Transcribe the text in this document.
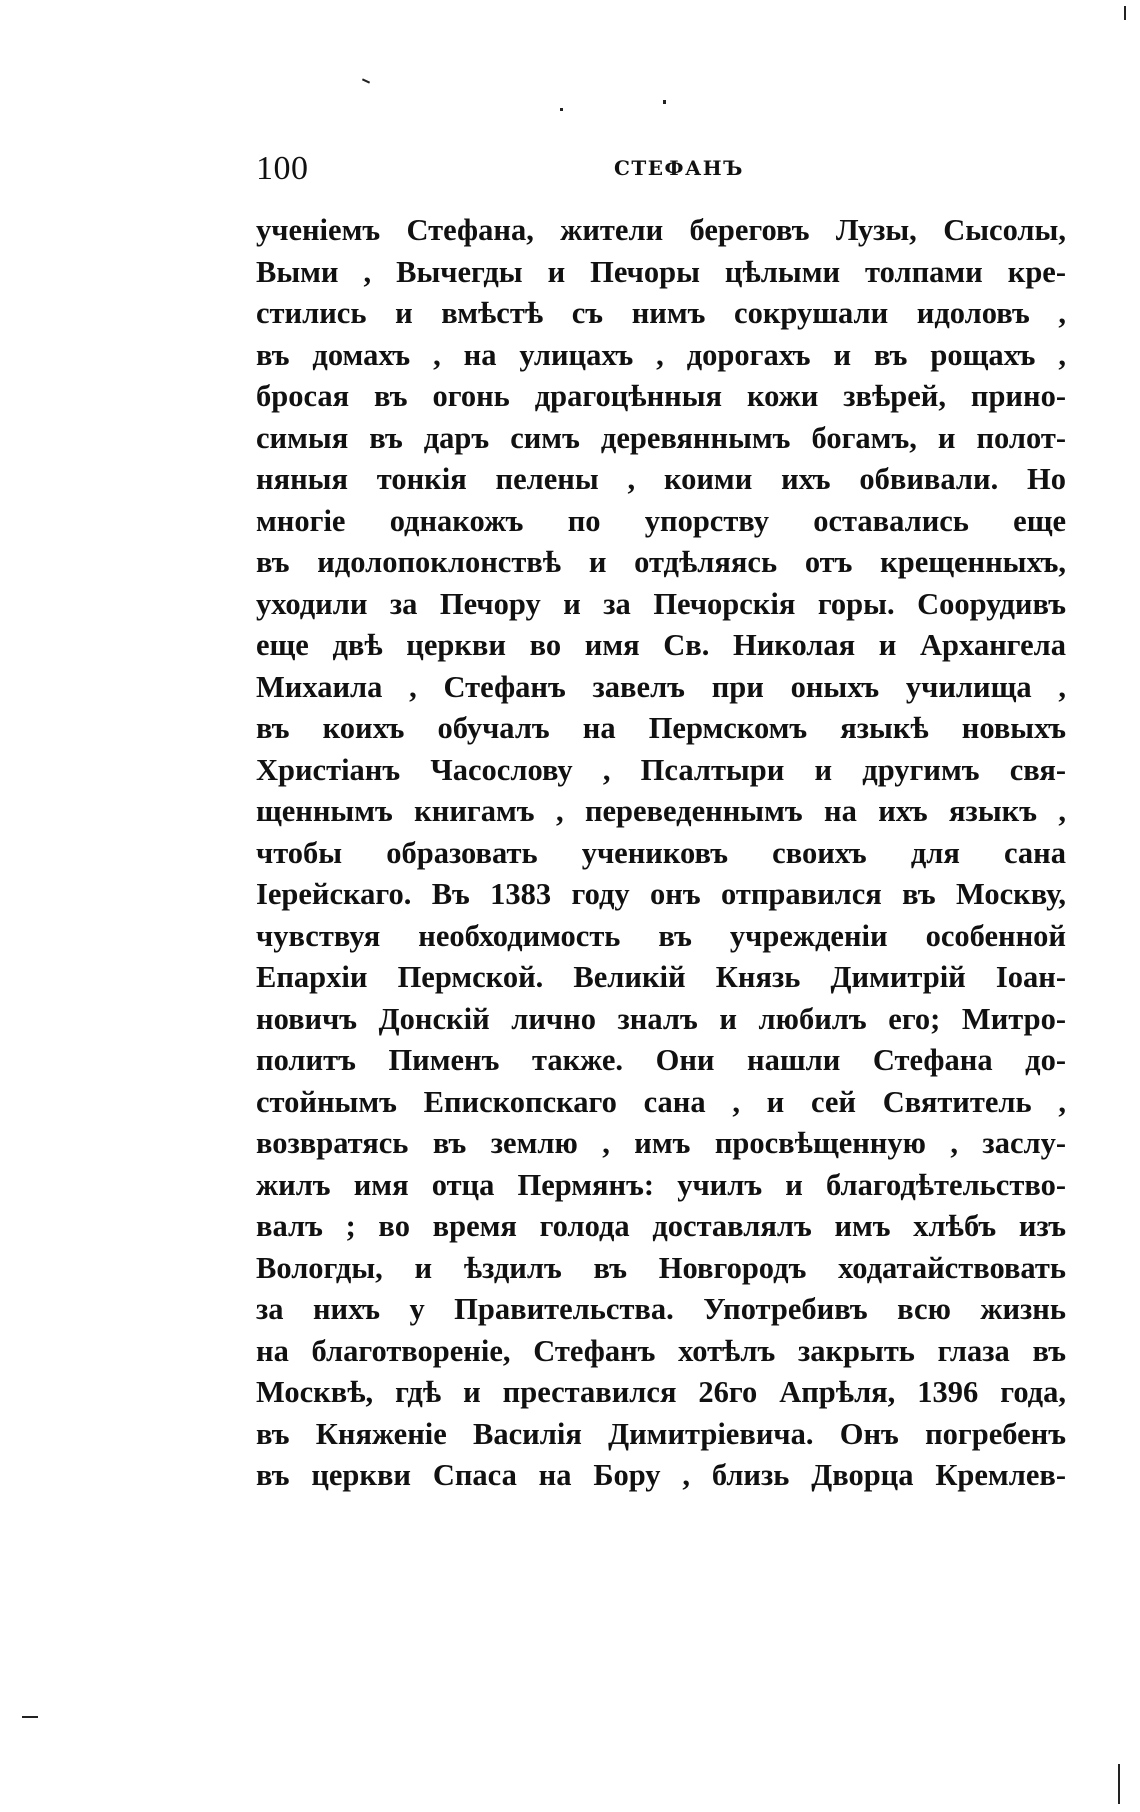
100	СТЕФАНЪ
ученіемъ Стефана, жители береговъ Лузы, Сысолы,
Выми , Вычегды и Печоры цѣлыми толпами кре-
стились и вмѣстѣ съ нимъ сокрушали идоловъ ,
въ домахъ , на улицахъ , дорогахъ и въ рощахъ ,
бросая въ огонь драгоцѣнныя кожи звѣрей, прино-
симыя въ даръ симъ деревяннымъ богамъ, и полот-
няныя тонкія пелены , коими ихъ обвивали. Но
многіе однакожъ по упорству оставались еще
въ идолопоклонствѣ и отдѣляясь отъ крещенныхъ,
уходили за Печору и за Печорскія горы. Соорудивъ
еще двѣ церкви во имя Св. Николая и Архангела
Михаила , Стефанъ завелъ при оныхъ училища ,
въ коихъ обучалъ на Пермскомъ языкѣ новыхъ
Христіанъ Часослову , Псалтыри и другимъ свя-
щеннымъ книгамъ , переведеннымъ на ихъ языкъ ,
чтобы образовать учениковъ своихъ для сана
Іерейскаго. Въ 1383 году онъ отправился въ Москву,
чувствуя необходимость въ учрежденіи особенной
Епархіи Пермской. Великій Князь Димитрій Іоан-
новичъ Донскій лично зналъ и любилъ его; Митро-
политъ Пименъ также. Они нашли Стефана до-
стойнымъ Епископскаго сана , и сей Святитель ,
возвратясь въ землю , имъ просвѣщенную , заслу-
жилъ имя отца Пермянъ: училъ и благодѣтельство-
валъ ; во время голода доставлялъ имъ хлѣбъ изъ
Вологды, и ѣздилъ въ Новгородъ ходатайствовать
за нихъ у Правительства. Употребивъ всю жизнь
на благотвореніе, Стефанъ хотѣлъ закрыть глаза въ
Москвѣ, гдѣ и преставился 26го Апрѣля, 1396 года,
въ Княженіе Василія Димитріевича. Онъ погребенъ
въ церкви Спаса на Бору , близь Дворца Кремлев-
